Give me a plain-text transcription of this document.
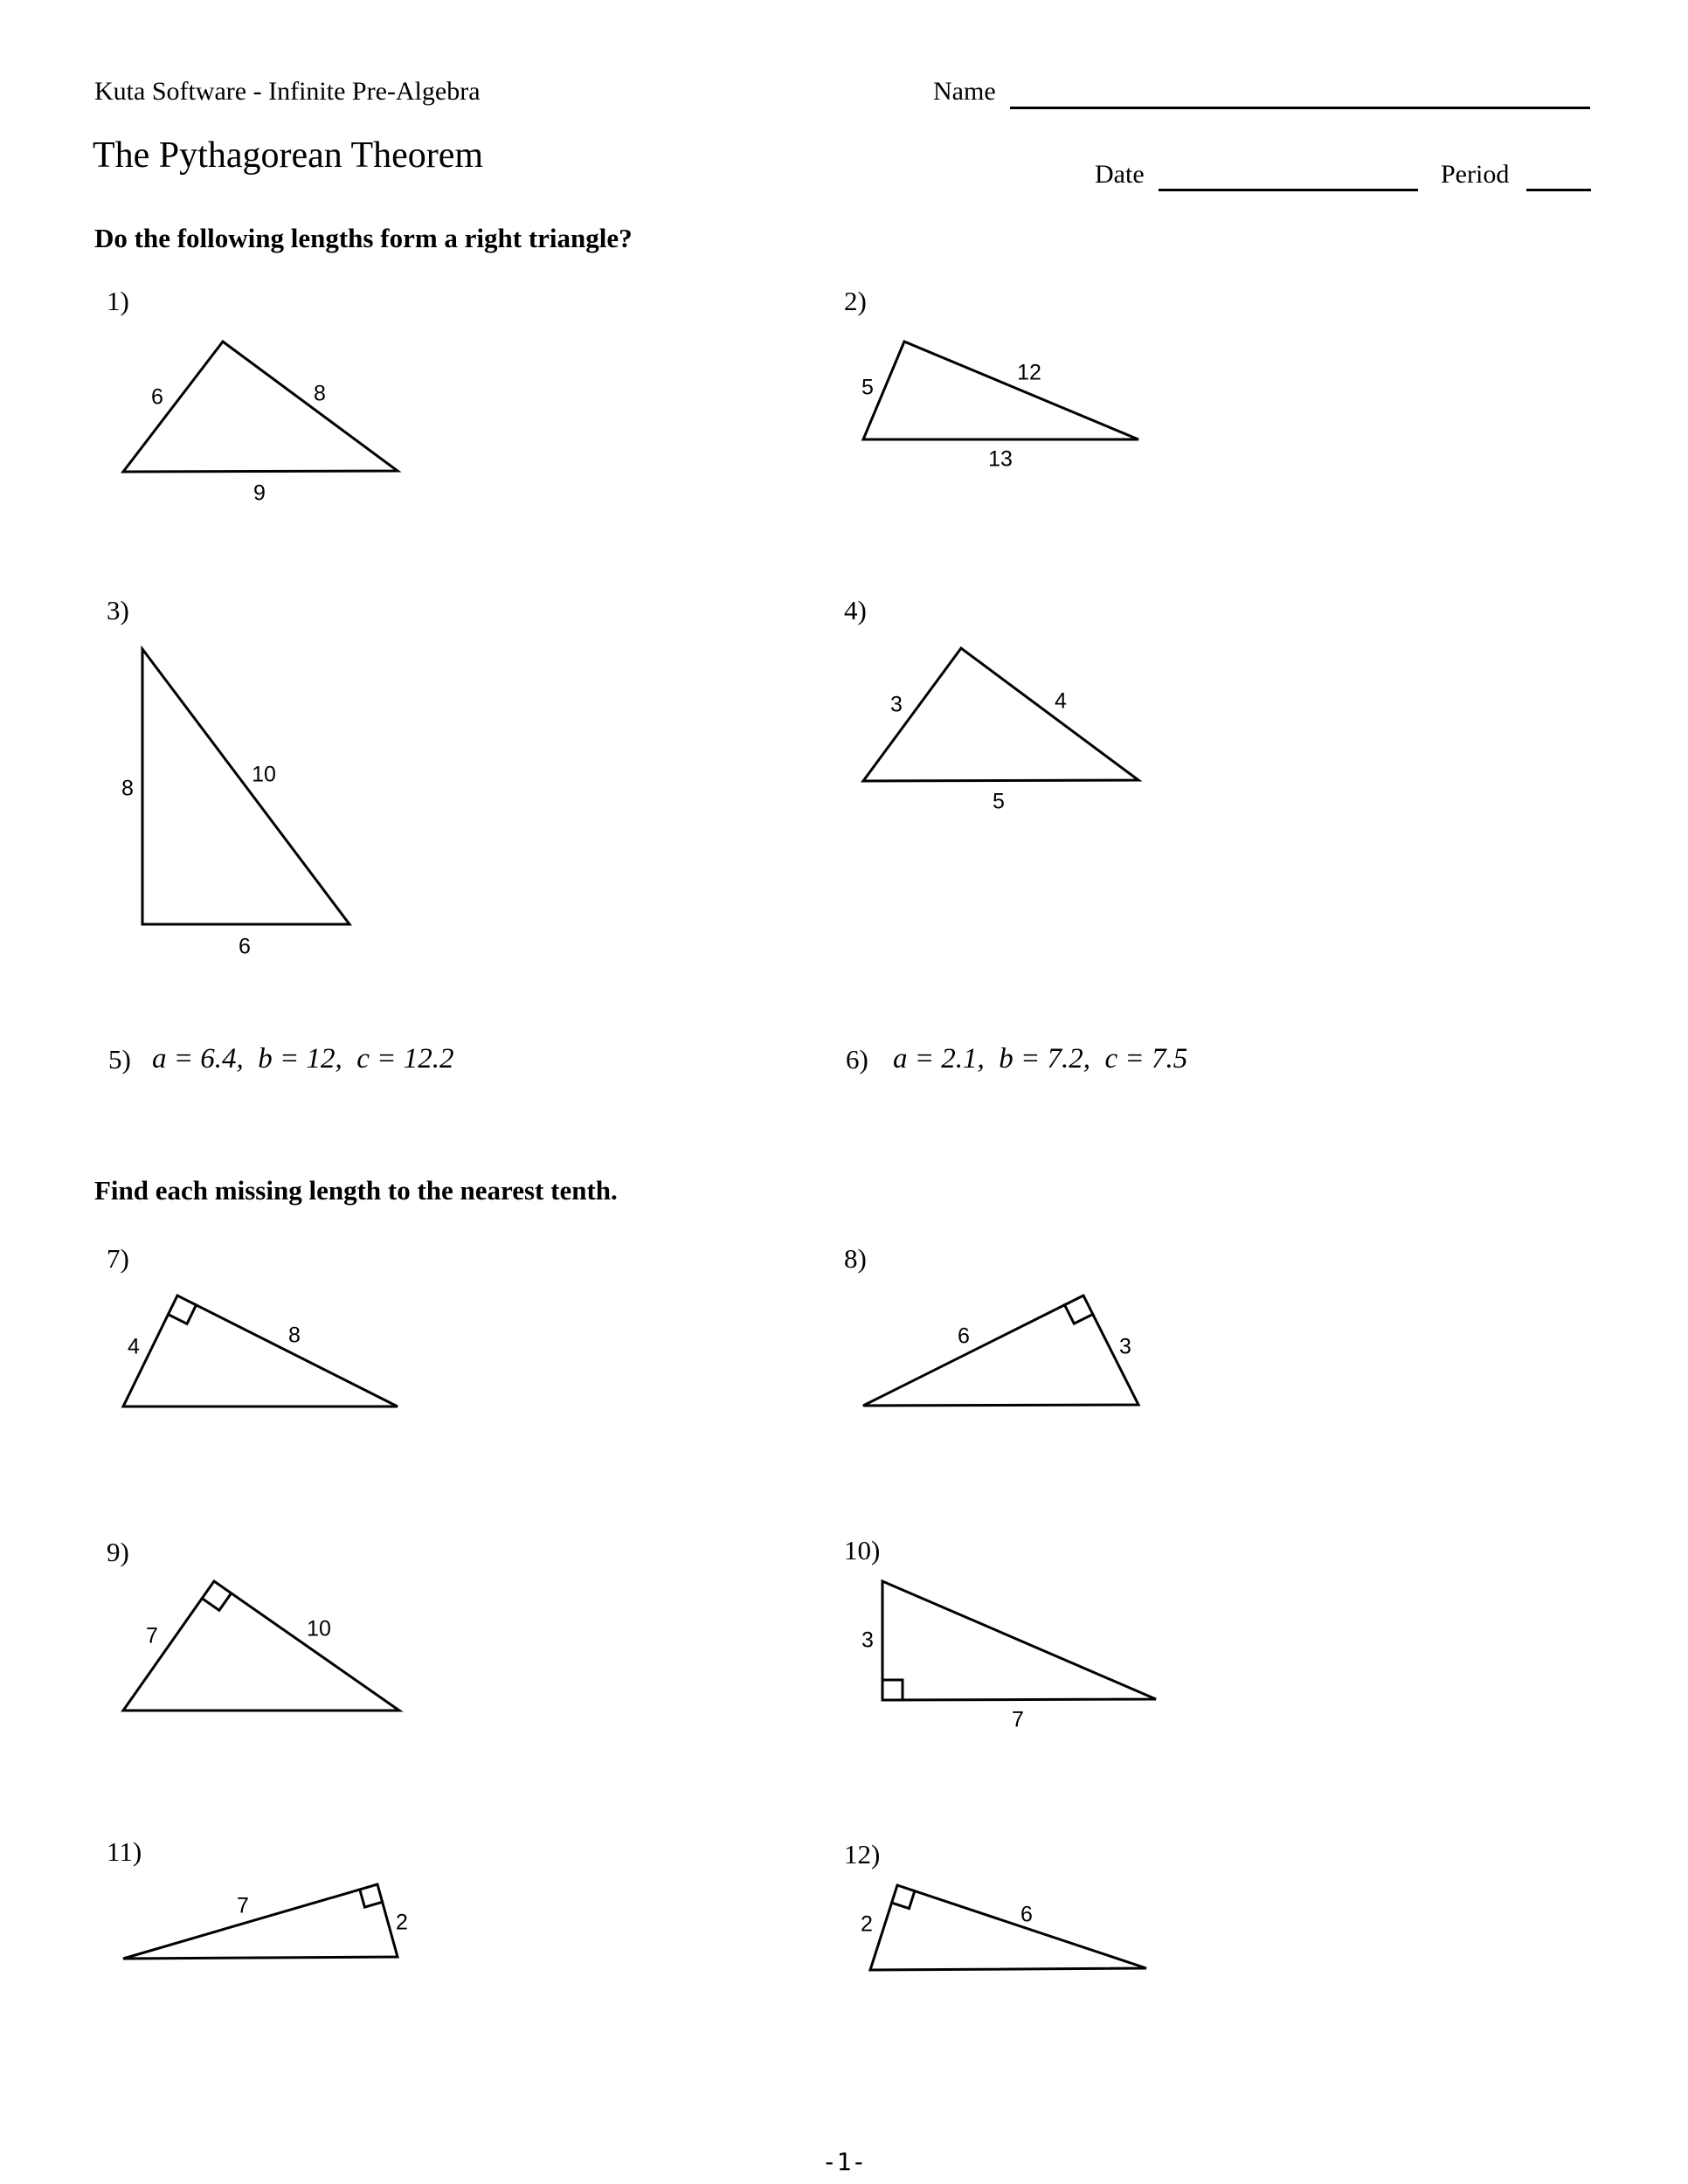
Kuta Software - Infinite Pre-Algebra	Name
The Pythagorean Theorem	Date	Period
Do the following lengths form a right triangle?
1)
6	8
9
2)
5
12
13
3)
8
10
6
4)
3	4
5
5) a = 6.4,  b = 12,  c = 12.2	6) a = 2.1,  b = 7.2,  c = 7.5
Find each missing length to the nearest tenth.
7)
4	8
8)
6	3
9)
7	10
10)
3
7
11)
7
2
12)
2	6
-1-
